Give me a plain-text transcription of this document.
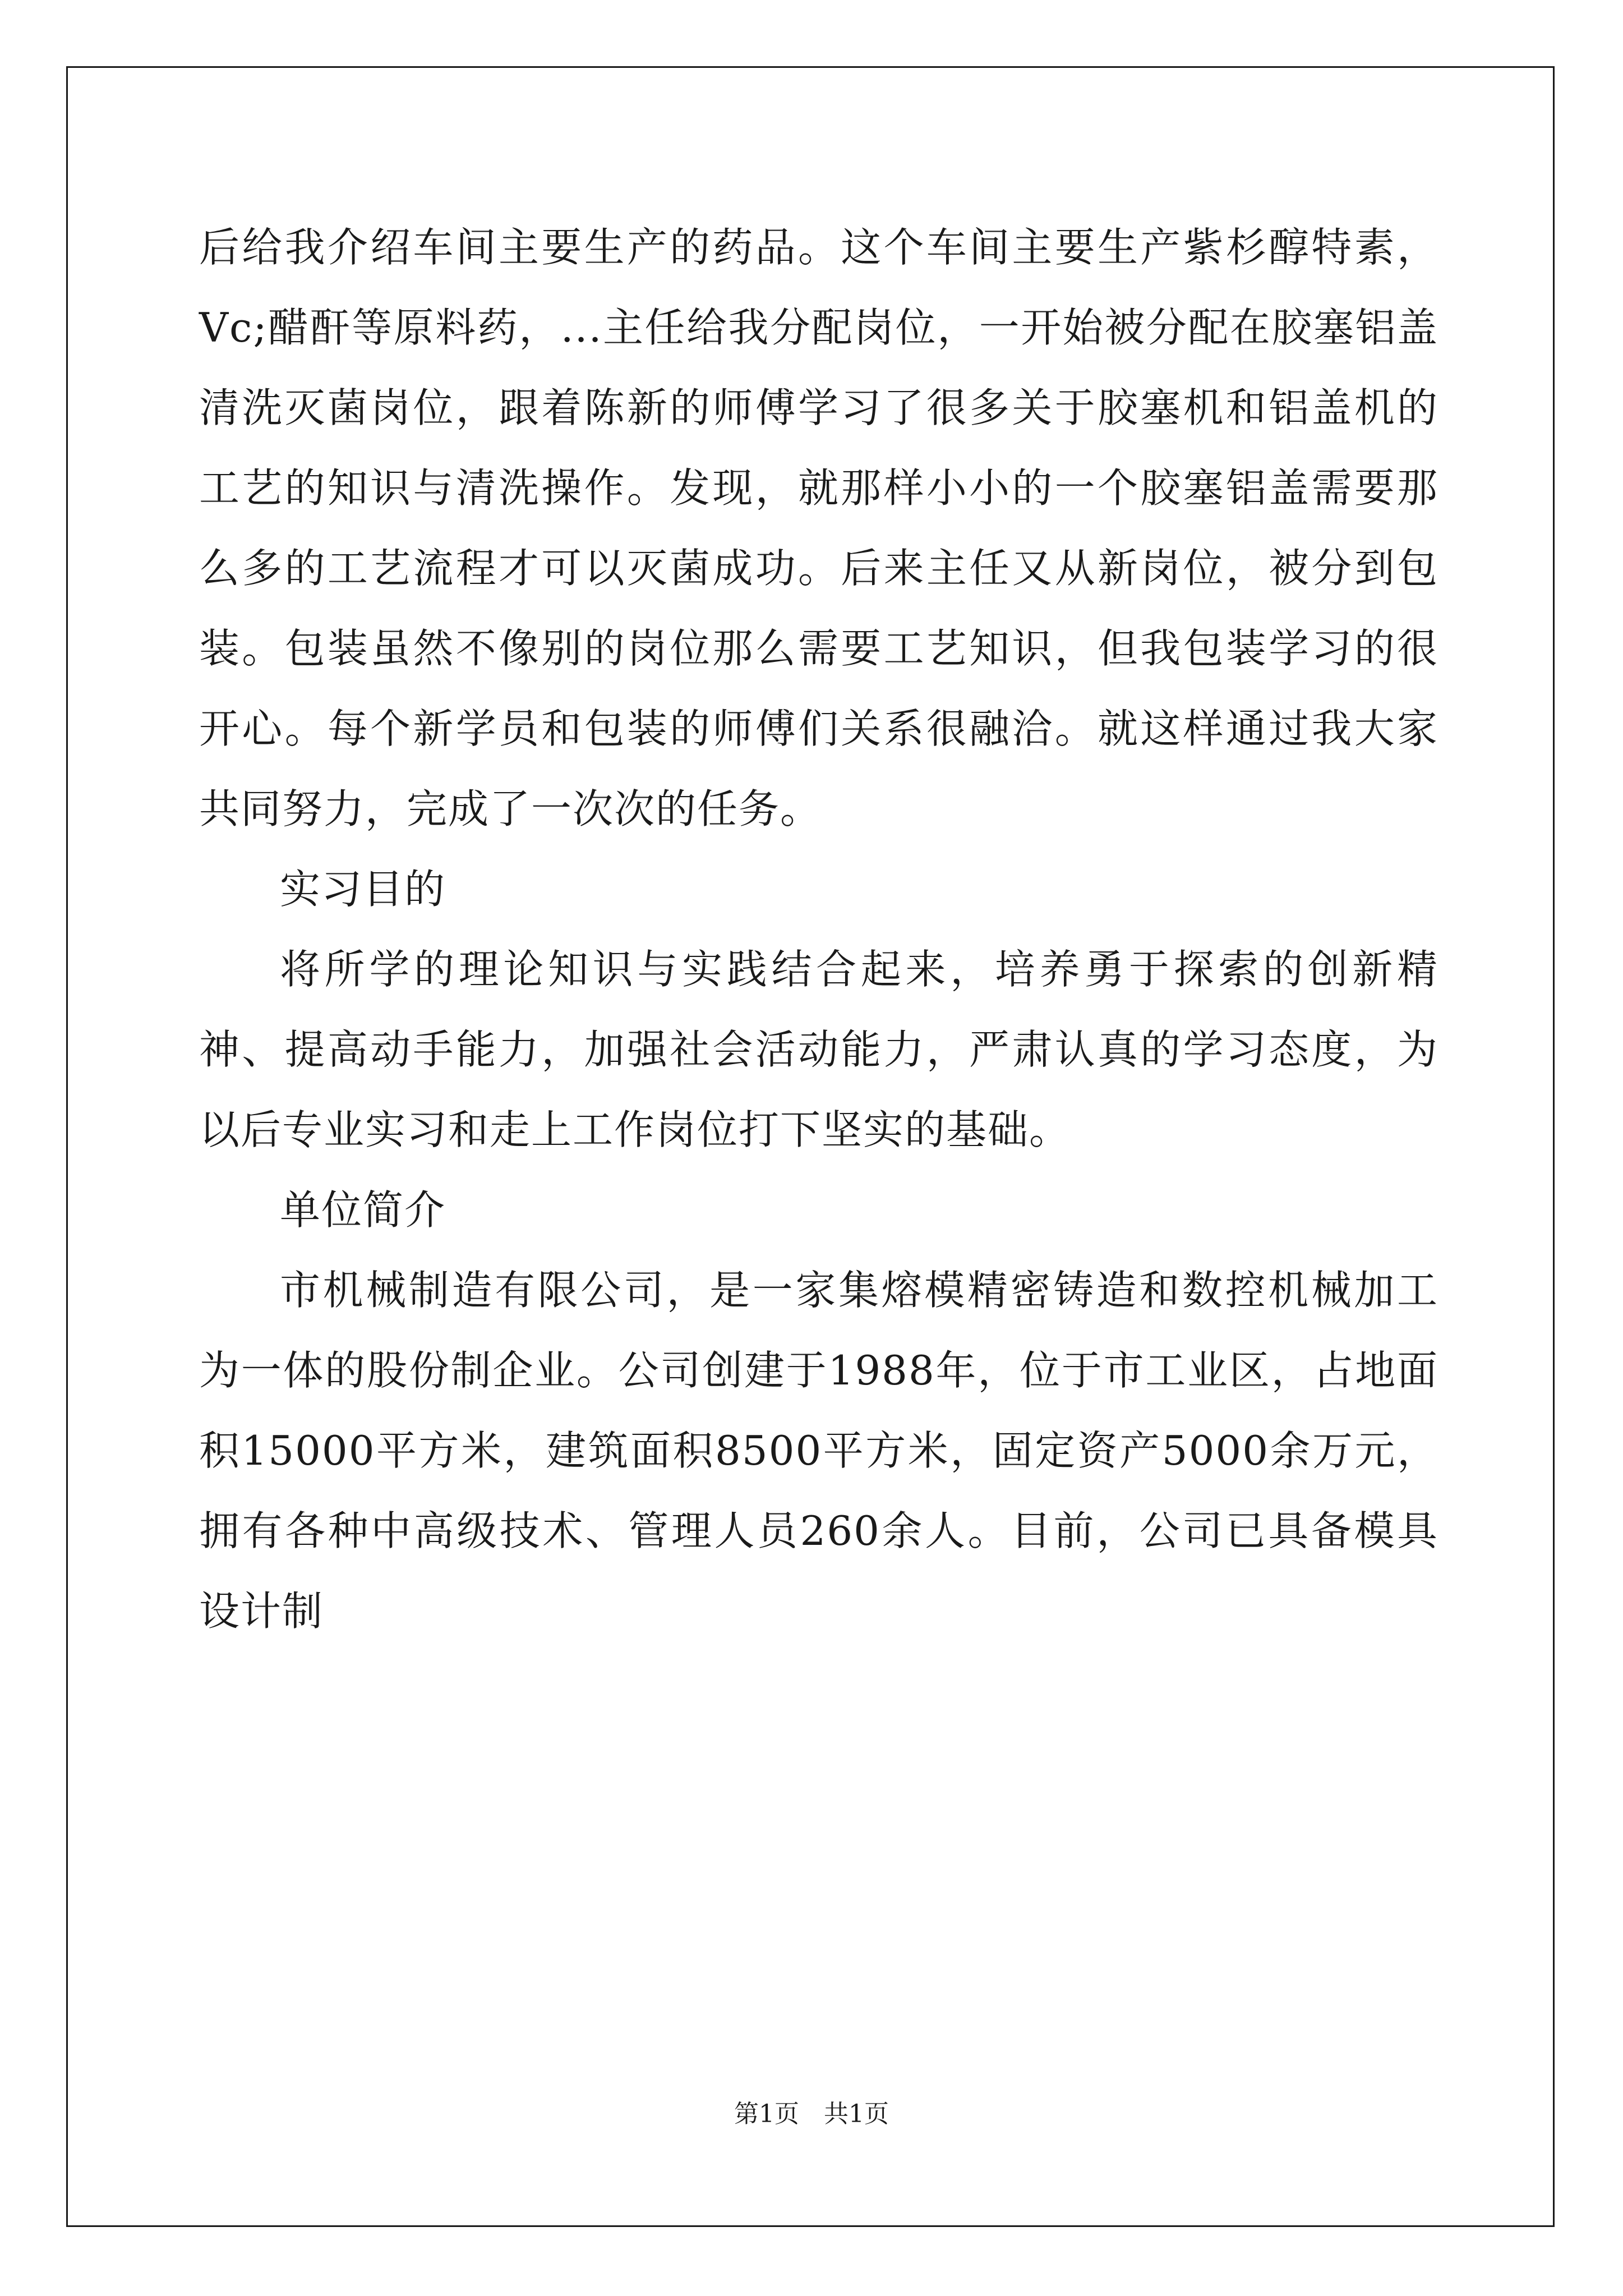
后给我介绍车间主要生产的药品。这个车间主要生产紫杉醇特素，Vc;醋酐等原料药，...主任给我分配岗位，一开始被分配在胶塞铝盖清洗灭菌岗位，跟着陈新的师傅学习了很多关于胶塞机和铝盖机的工艺的知识与清洗操作。发现，就那样小小的一个胶塞铝盖需要那么多的工艺流程才可以灭菌成功。后来主任又从新岗位，被分到包装。包装虽然不像别的岗位那么需要工艺知识，但我包装学习的很开心。每个新学员和包装的师傅们关系很融洽。就这样通过我大家共同努力，完成了一次次的任务。

实习目的

将所学的理论知识与实践结合起来，培养勇于探索的创新精神、提高动手能力，加强社会活动能力，严肃认真的学习态度，为以后专业实习和走上工作岗位打下坚实的基础。

单位简介

市机械制造有限公司，是一家集熔模精密铸造和数控机械加工为一体的股份制企业。公司创建于1988年，位于市工业区，占地面积15000平方米，建筑面积8500平方米，固定资产5000余万元，拥有各种中高级技术、管理人员260余人。目前，公司已具备模具设计制

第1页　共1页
